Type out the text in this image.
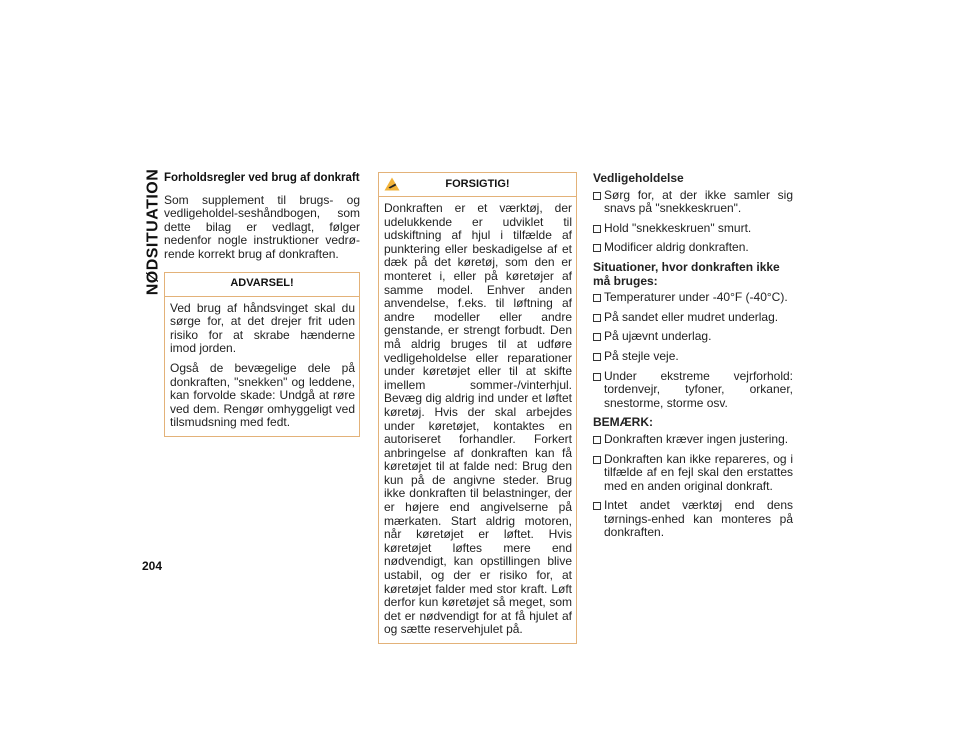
NØDSITUATION
204
Forholdsregler ved brug af donkraft

Som supplement til brugs- og vedligeholdel-seshåndbogen, som dette bilag er vedlagt, følger nedenfor nogle instruktioner vedrø-rende korrekt brug af donkraften.

ADVARSEL!

Ved brug af håndsvinget skal du sørge for, at det drejer frit uden risiko for at skrabe hænderne imod jorden.

Også de bevægelige dele på donkraften, "snekken" og leddene, kan forvolde skade: Undgå at røre ved dem. Rengør omhyggeligt ved tilsmudsning med fedt.

FORSIGTIG!

Donkraften er et værktøj, der udelukkende er udviklet til udskiftning af hjul i tilfælde af punktering eller beskadigelse af et dæk på det køretøj, som den er monteret i, eller på køretøjer af samme model. Enhver anden anvendelse, f.eks. til løftning af andre modeller eller andre genstande, er strengt forbudt. Den må aldrig bruges til at udføre vedligeholdelse eller reparationer under køretøjet eller til at skifte imellem sommer-/vinterhjul. Bevæg dig aldrig ind under et løftet køretøj. Hvis der skal arbejdes under køretøjet, kontaktes en autoriseret forhandler. Forkert anbringelse af donkraften kan få køretøjet til at falde ned: Brug den kun på de angivne steder. Brug ikke donkraften til belastninger, der er højere end angivelserne på mærkaten. Start aldrig motoren, når køretøjet er løftet. Hvis køretøjet løftes mere end nødvendigt, kan opstillingen blive ustabil, og der er risiko for, at køretøjet falder med stor kraft. Løft derfor kun køretøjet så meget, som det er nødvendigt for at få hjulet af og sætte reservehjulet på.

Vedligeholdelse
Sørg for, at der ikke samler sig snavs på "snekkeskruen".
Hold "snekkeskruen" smurt.
Modificer aldrig donkraften.
Situationer, hvor donkraften ikke må bruges:
Temperaturer under -40°F (-40°C).
På sandet eller mudret underlag.
På ujævnt underlag.
På stejle veje.
Under ekstreme vejrforhold: tordenvejr, tyfoner, orkaner, snestorme, storme osv.
BEMÆRK:
Donkraften kræver ingen justering.
Donkraften kan ikke repareres, og i tilfælde af en fejl skal den erstattes med en anden original donkraft.
Intet andet værktøj end dens tørnings-enhed kan monteres på donkraften.
